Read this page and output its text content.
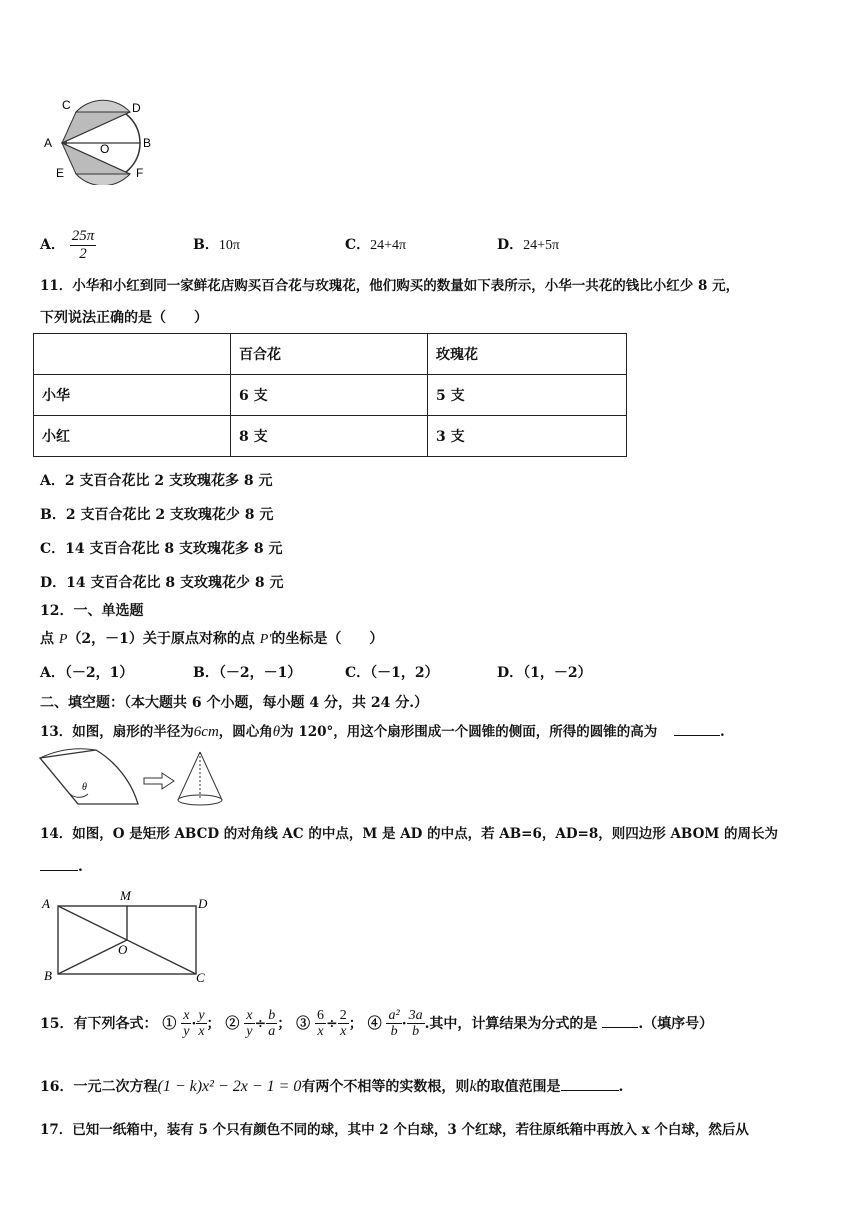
C	D
A	B
O
E	F
A． $\frac{25\pi}{2}$	B．10π	C．24+4π	D．24+5π
11．小华和小红到同一家鲜花店购买百合花与玫瑰花，他们购买的数量如下表所示，小华一共花的钱比小红少 8 元，
下列说法正确的是（　　）
	百合花	玫瑰花
小华	6 支	5 支
小红	8 支	3 支
A．2 支百合花比 2 支玫瑰花多 8 元
B．2 支百合花比 2 支玫瑰花少 8 元
C．14 支百合花比 8 支玫瑰花多 8 元
D．14 支百合花比 8 支玫瑰花少 8 元
12．一、单选题
点 P（2，－1）关于原点对称的点 P′的坐标是（　　）
A．（－2，1）	B．（－2，－1）	C．（－1，2）	D．（1，－2）
二、填空题：（本大题共 6 个小题，每小题 4 分，共 24 分.）
13．如图，扇形的半径为6cm，圆心角θ为 120°，用这个扇形围成一个圆锥的侧面，所得的圆锥的高为	.
θ
14．如图，O 是矩形 ABCD 的对角线 AC 的中点，M 是 AD 的中点，若 AB=6，AD=8，则四边形 ABOM 的周长为
.
A
M
D
O
B	C
15．有下列各式： ① $\frac{x}{y} \cdot \frac{y}{x}$ ； ② $\frac{x}{y} \div \frac{b}{a}$ ； ③ $\frac{6}{x} \div \frac{2}{x}$ ； ④ $\frac{\text{a²}}{b} \cdot \frac{3a}{b}$ .其中，计算结果为分式的是	.（填序号）
16．一元二次方程(1 − k)x² − 2x − 1 = 0有两个不相等的实数根，则k的取值范围是	.
17．已知一纸箱中，装有 5 个只有颜色不同的球，其中 2 个白球，3 个红球，若往原纸箱中再放入 x 个白球，然后从
